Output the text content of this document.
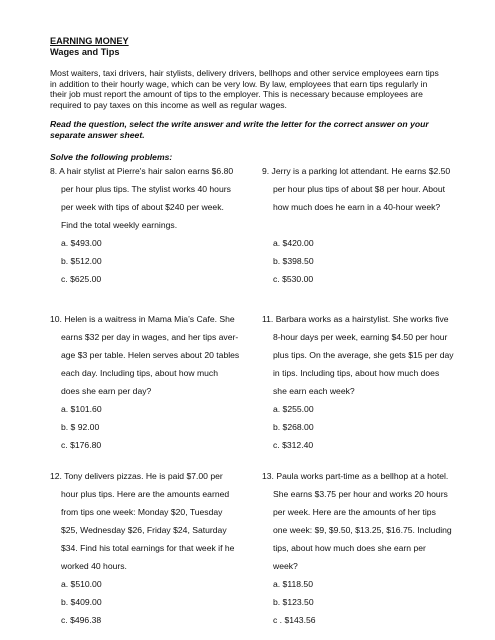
EARNING MONEY
Wages and Tips
Most waiters, taxi drivers, hair stylists, delivery drivers, bellhops and other service employees earn tips in addition to their hourly wage, which can be very low. By law, employees that earn tips regularly in their job must report the amount of tips to the employer. This is necessary because employees are required to pay taxes on this income as well as regular wages.
Read the question, select the write answer and write the letter for the correct answer on your separate answer sheet.
Solve the following problems:
8. A hair stylist at Pierre's hair salon earns $6.80
per hour plus tips. The stylist works 40 hours
per week with tips of about $240 per week.
Find the total weekly earnings.
a. $493.00
b. $512.00
c. $625.00
9. Jerry is a parking lot attendant. He earns $2.50
per hour plus tips of about $8 per hour. About
how much does he earn in a 40-hour week?
a. $420.00
b. $398.50
c. $530.00
10. Helen is a waitress in Mama Mia’s Cafe. She
earns $32 per day in wages, and her tips aver-
age $3 per table. Helen serves about 20 tables
each day. Including tips, about how much
does she earn per day?
a. $101.60
b. $ 92.00
c. $176.80
11. Barbara works as a hairstylist. She works five
8-hour days per week, earning $4.50 per hour
plus tips. On the average, she gets $15 per day
in tips. Including tips, about how much does
she earn each week?
a. $255.00
b. $268.00
c. $312.40
12. Tony delivers pizzas. He is paid $7.00 per
hour plus tips. Here are the amounts earned
from tips one week: Monday $20, Tuesday
$25, Wednesday $26, Friday $24, Saturday
$34. Find his total earnings for that week if he
worked 40 hours.
a. $510.00
b. $409.00
c. $496.38
13. Paula works part-time as a bellhop at a hotel.
She earns $3.75 per hour and works 20 hours
per week. Here are the amounts of her tips
one week: $9, $9.50, $13.25, $16.75. Including
tips, about how much does she earn per
week?
a. $118.50
b. $123.50
c . $143.56
